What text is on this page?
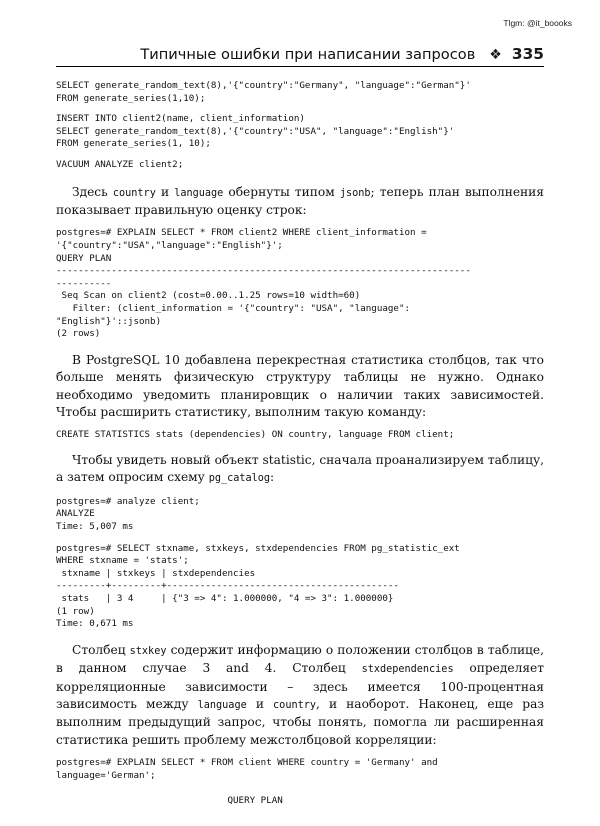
Tlgm: @it_boooks
Типичные ошибки при написании запросов ❖ 335
SELECT generate_random_text(8),'{"country":"Germany", "language":"German"}'
FROM generate_series(1,10);
INSERT INTO client2(name, client_information)
SELECT generate_random_text(8),'{"country":"USA", "language":"English"}'
FROM generate_series(1, 10);
VACUUM ANALYZE client2;

Здесь country и language обернуты типом jsonb; теперь план выполнения показывает правильную оценку строк:

postgres=# EXPLAIN SELECT * FROM client2 WHERE client_information =
'{"country":"USA","language":"English"}';
QUERY PLAN
---------------------------------------------------------------------------
----------
Seq Scan on client2 (cost=0.00..1.25 rows=10 width=60)
Filter: (client_information = '{"country": "USA", "language":
"English"}'::jsonb)
(2 rows)

В PostgreSQL 10 добавлена перекрестная статистика столбцов, так что больше менять физическую структуру таблицы не нужно. Однако необходимо уведомить планировщик о наличии таких зависимостей. Чтобы расширить статистику, выполним такую команду:

CREATE STATISTICS stats (dependencies) ON country, language FROM client;

Чтобы увидеть новый объект statistic, сначала проанализируем таблицу, а затем опросим схему pg_catalog:

postgres=# analyze client;
ANALYZE
Time: 5,007 ms
postgres=# SELECT stxname, stxkeys, stxdependencies FROM pg_statistic_ext
WHERE stxname = 'stats';
stxname | stxkeys | stxdependencies
---------+---------+------------------------------------------
stats   | 3 4     | {"3 => 4": 1.000000, "4 => 3": 1.000000}
(1 row)
Time: 0,671 ms

Столбец stxkey содержит информацию о положении столбцов в таблице, в данном случае 3 and 4. Столбец stxdependencies определяет корреляционные зависимости – здесь имеется 100-процентная зависимость между language и country, и наоборот. Наконец, еще раз выполним предыдущий запрос, чтобы понять, помогла ли расширенная статистика решить проблему межстолбцовой корреляции:

postgres=# EXPLAIN SELECT * FROM client WHERE country = 'Germany' and
language='German';

QUERY PLAN
